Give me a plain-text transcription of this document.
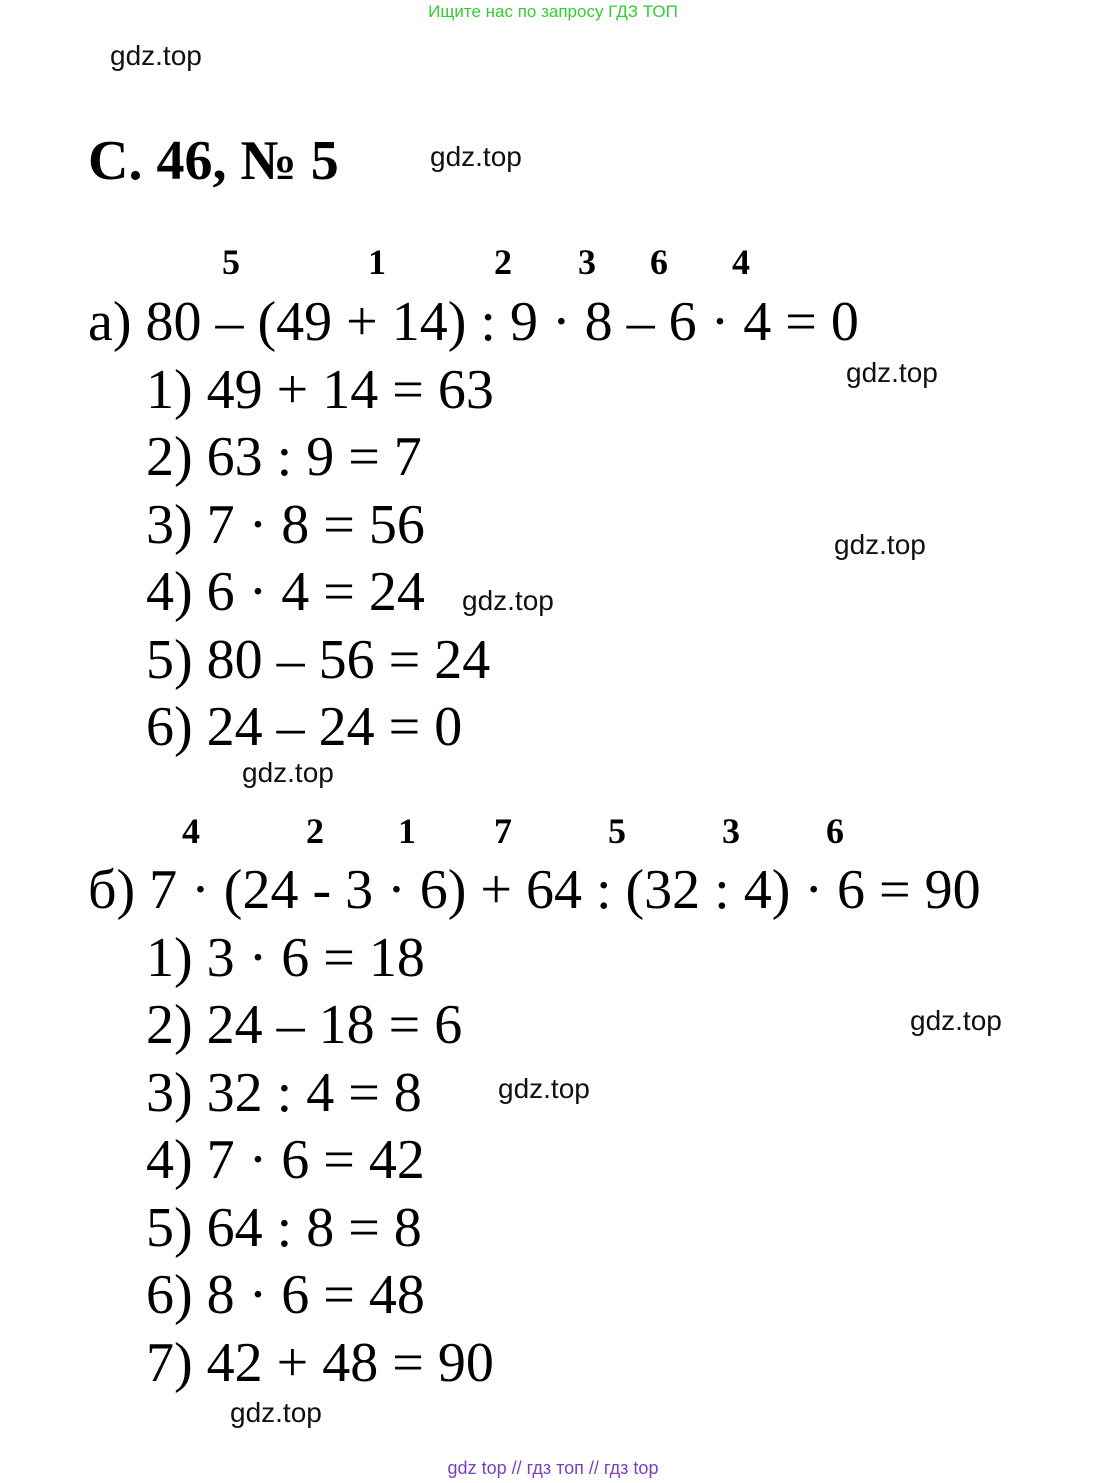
Ищите нас по запросу ГДЗ ТОП
gdz.top
С. 46, № 5	gdz.top
5	1	2 3 6 4
а) 80 – (49 + 14) : 9 · 8 – 6 · 4 = 0
1) 49 + 14 = 63
2) 63 : 9 = 7
3) 7 · 8 = 56
4) 6 · 4 = 24
5) 80 – 56 = 24
6) 24 – 24 = 0
gdz.top
gdz.top
gdz.top
gdz.top
4	2 1 7	5	3 6
б) 7 · (24 - 3 · 6) + 64 : (32 : 4) · 6 = 90
1) 3 · 6 = 18
2) 24 – 18 = 6
3) 32 : 4 = 8
4) 7 · 6 = 42
5) 64 : 8 = 8
6) 8 · 6 = 48
7) 42 + 48 = 90
gdz.top
gdz.top
gdz.top
gdz top // гдз топ // гдз top
